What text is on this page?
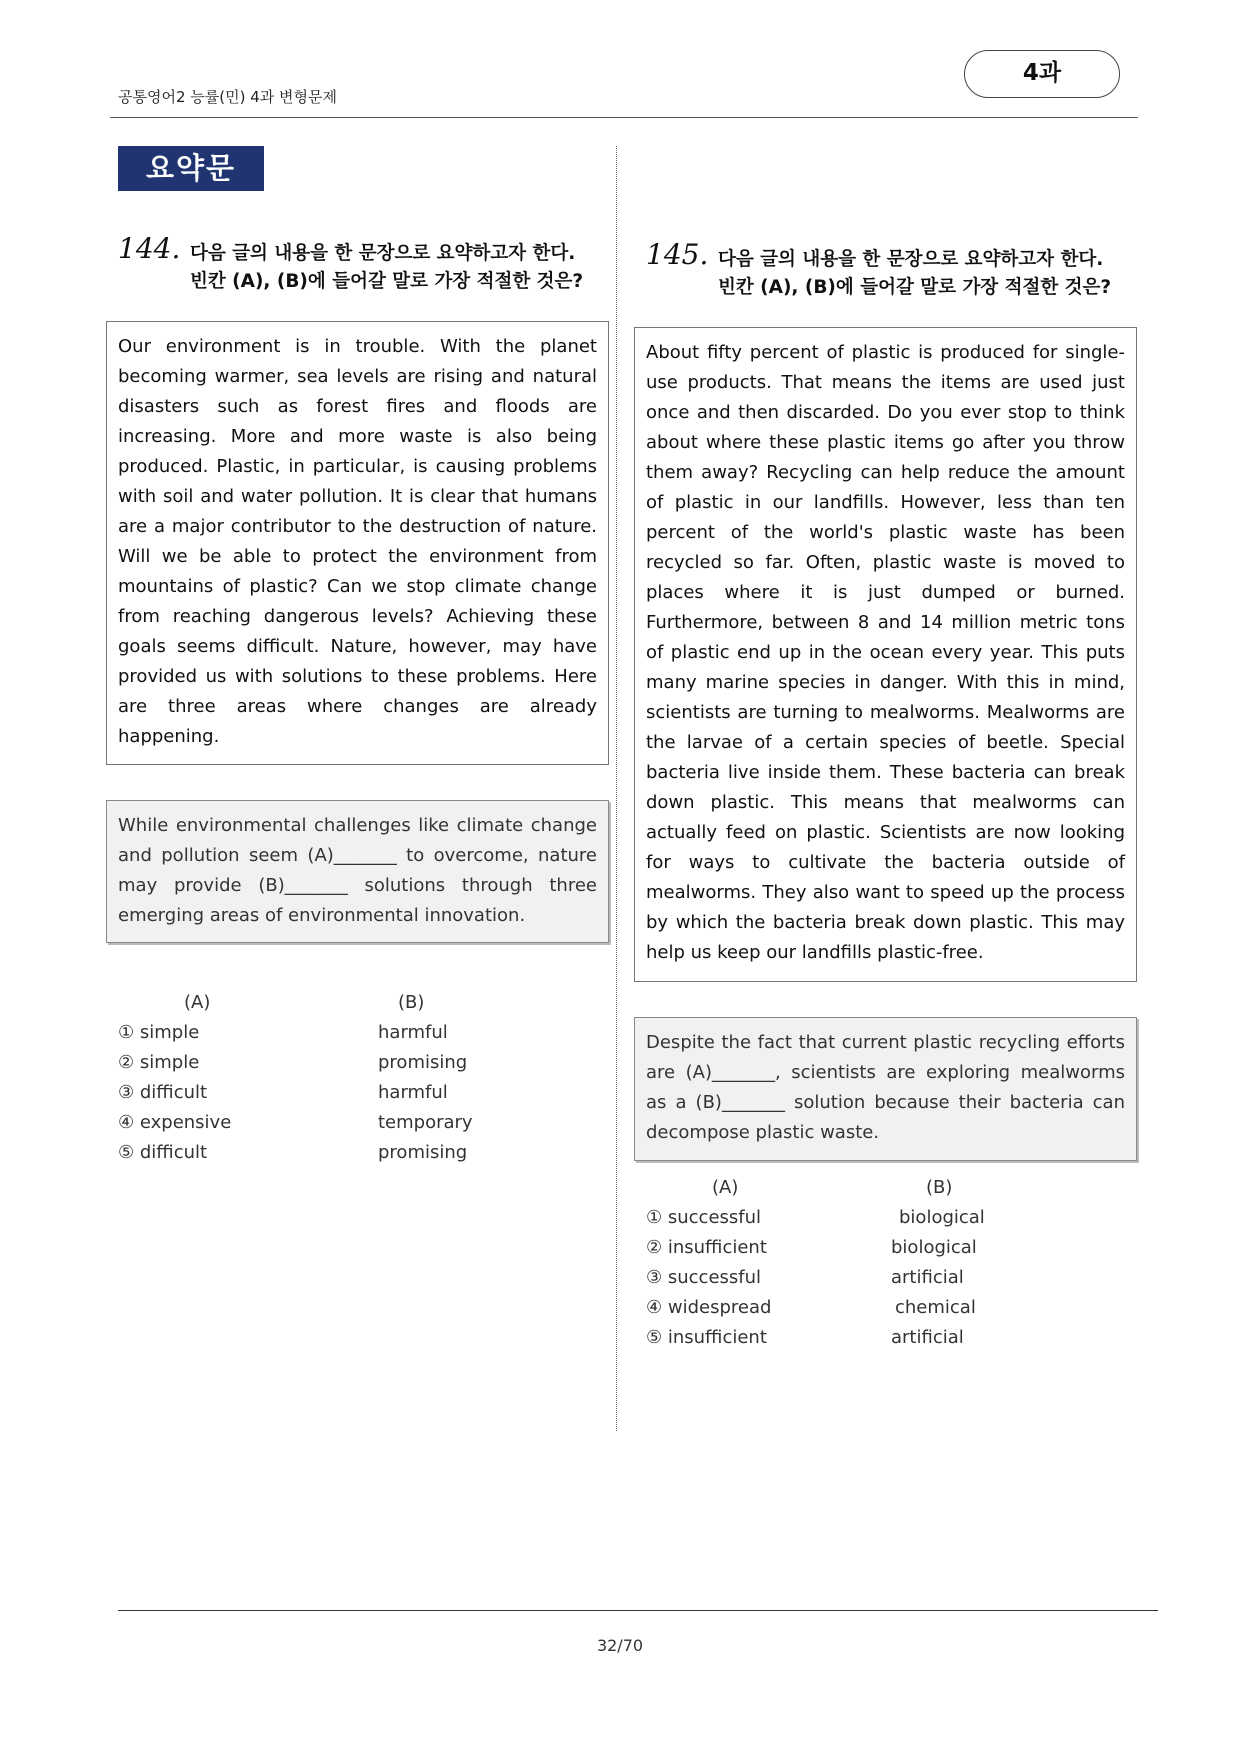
공통영어2 능률(민) 4과 변형문제
4과
요약문
144. 다음 글의 내용을 한 문장으로 요약하고자 한다.
빈칸 (A), (B)에 들어갈 말로 가장 적절한 것은?

Our environment is in trouble. With the planet becoming warmer, sea levels are rising and natural disasters such as forest fires and floods are increasing. More and more waste is also being produced. Plastic, in particular, is causing problems with soil and water pollution. It is clear that humans are a major contributor to the destruction of nature. Will we be able to protect the environment from mountains of plastic? Can we stop climate change from reaching dangerous levels? Achieving these goals seems difficult. Nature, however, may have provided us with solutions to these problems. Here are three areas where changes are already happening.

While environmental challenges like climate change and pollution seem (A)_______ to overcome, nature may provide (B)_______ solutions through three emerging areas of environmental innovation.

(A)	(B)
① simple	harmful
② simple	promising
③ difficult	harmful
④ expensive	temporary
⑤ difficult	promising
145. 다음 글의 내용을 한 문장으로 요약하고자 한다.
빈칸 (A), (B)에 들어갈 말로 가장 적절한 것은?

About fifty percent of plastic is produced for single-use products. That means the items are used just once and then discarded. Do you ever stop to think about where these plastic items go after you throw them away? Recycling can help reduce the amount of plastic in our landfills. However, less than ten percent of the world's plastic waste has been recycled so far. Often, plastic waste is moved to places where it is just dumped or burned. Furthermore, between 8 and 14 million metric tons of plastic end up in the ocean every year. This puts many marine species in danger. With this in mind, scientists are turning to mealworms. Mealworms are the larvae of a certain species of beetle. Special bacteria live inside them. These bacteria can break down plastic. This means that mealworms can actually feed on plastic. Scientists are now looking for ways to cultivate the bacteria outside of mealworms. They also want to speed up the process by which the bacteria break down plastic. This may help us keep our landfills plastic-free.

Despite the fact that current plastic recycling efforts are (A)_______, scientists are exploring mealworms as a (B)_______ solution because their bacteria can decompose plastic waste.

(A)	(B)
① successful	biological
② insufficient	biological
③ successful	artificial
④ widespread	chemical
⑤ insufficient	artificial
32/70
